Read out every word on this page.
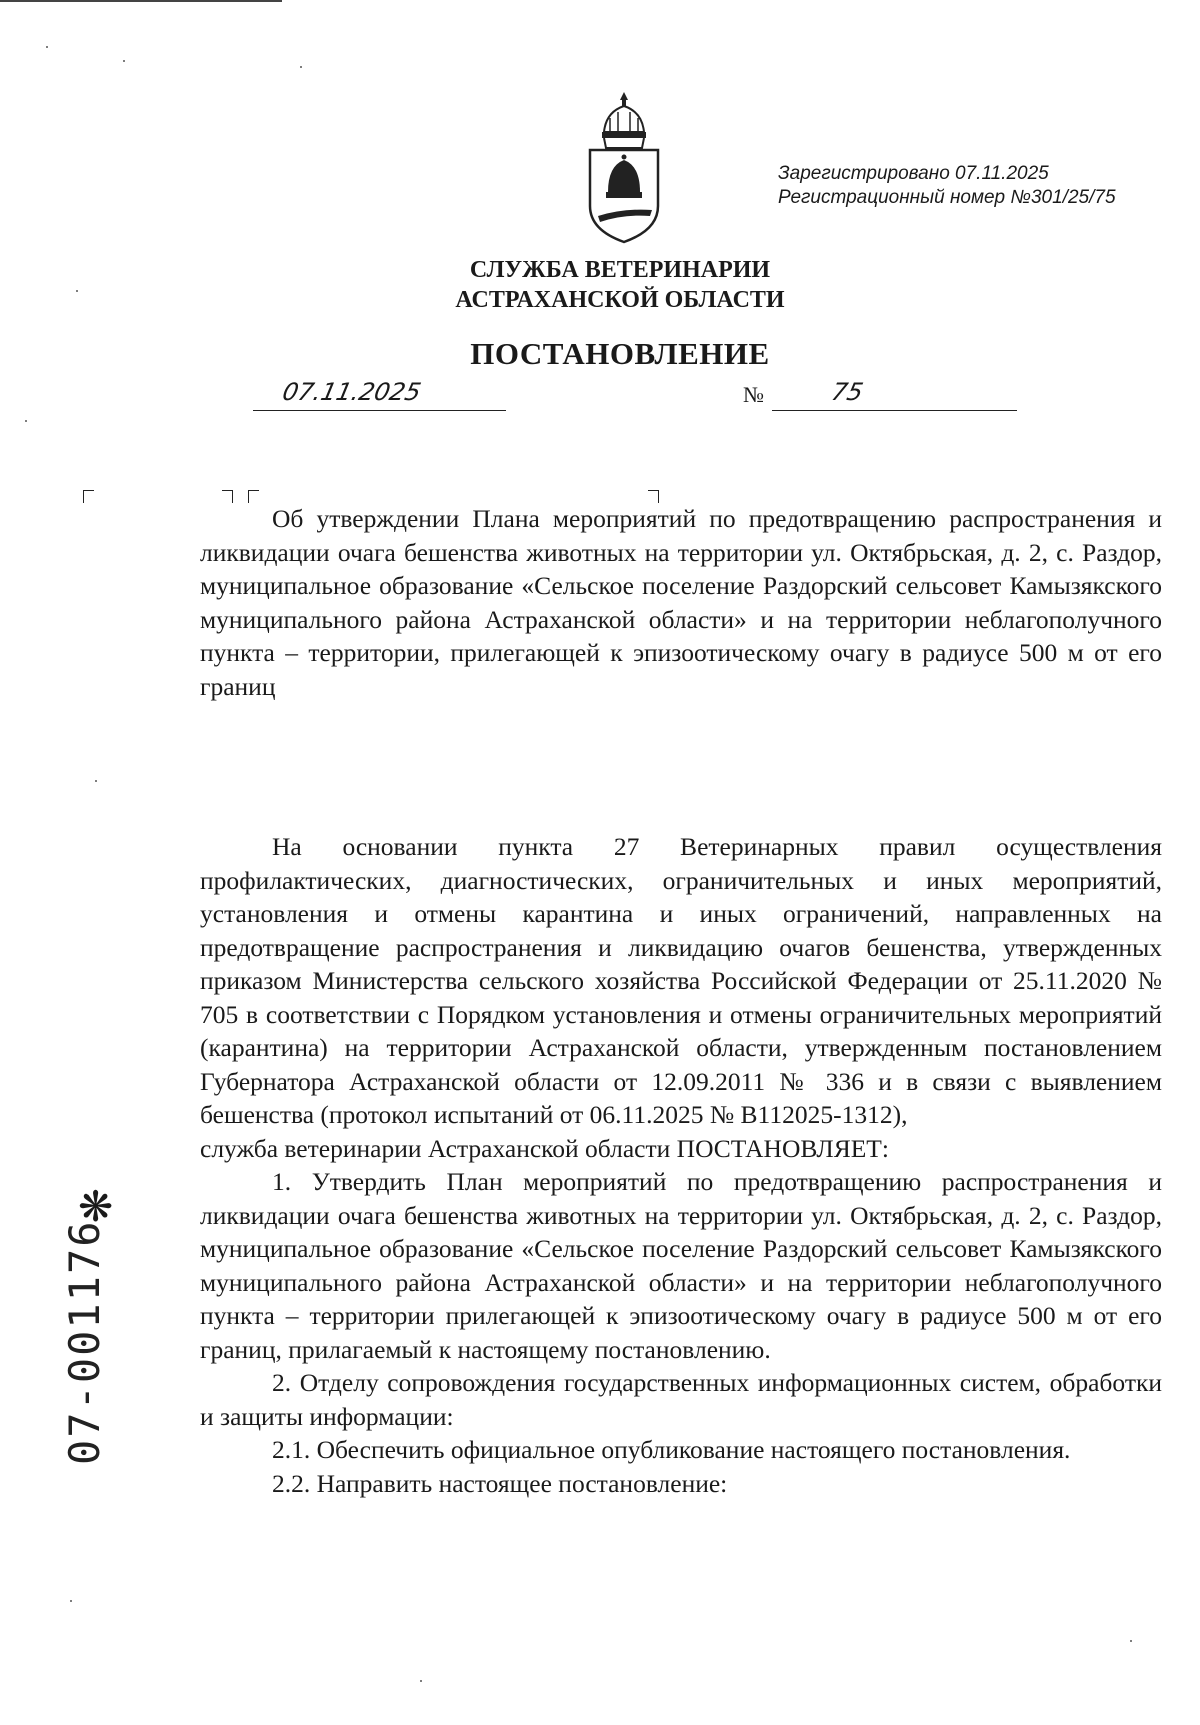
Зарегистрировано 07.11.2025
Регистрационный номер №301/25/75
СЛУЖБА ВЕТЕРИНАРИИ
АСТРАХАНСКОЙ ОБЛАСТИ
ПОСТАНОВЛЕНИЕ
07.11.2025	№	75
Об утверждении Плана мероприятий по предотвращению распространения и ликвидации очага бешенства животных на территории ул. Октябрьская, д. 2, с. Раздор, муниципальное образование «Сельское поселение Раздорский сельсовет Камызякского муниципального района Астраханской области» и на территории неблагополучного пункта – территории, прилегающей к эпизоотическому очагу в радиусе 500 м от его границ

На основании пункта 27 Ветеринарных правил осуществления профилактических, диагностических, ограничительных и иных мероприятий, установления и отмены карантина и иных ограничений, направленных на предотвращение распространения и ликвидацию очагов бешенства, утвержденных приказом Министерства сельского хозяйства Российской Федерации от 25.11.2020 № 705 в соответствии с Порядком установления и отмены ограничительных мероприятий (карантина) на территории Астраханской области, утвержденным постановлением Губернатора Астраханской области от 12.09.2011 № 336 и в связи с выявлением бешенства (протокол испытаний от 06.11.2025 № В112025-1312),

служба ветеринарии Астраханской области ПОСТАНОВЛЯЕТ:

1. Утвердить План мероприятий по предотвращению распространения и ликвидации очага бешенства животных на территории ул. Октябрьская, д. 2, с. Раздор, муниципальное образование «Сельское поселение Раздорский сельсовет Камызякского муниципального района Астраханской области» и на территории неблагополучного пункта – территории прилегающей к эпизоотическому очагу в радиусе 500 м от его границ, прилагаемый к настоящему постановлению.

2. Отделу сопровождения государственных информационных систем, обработки и защиты информации:

2.1. Обеспечить официальное опубликование настоящего постановления.

2.2. Направить настоящее постановление:

❋
07-001176
